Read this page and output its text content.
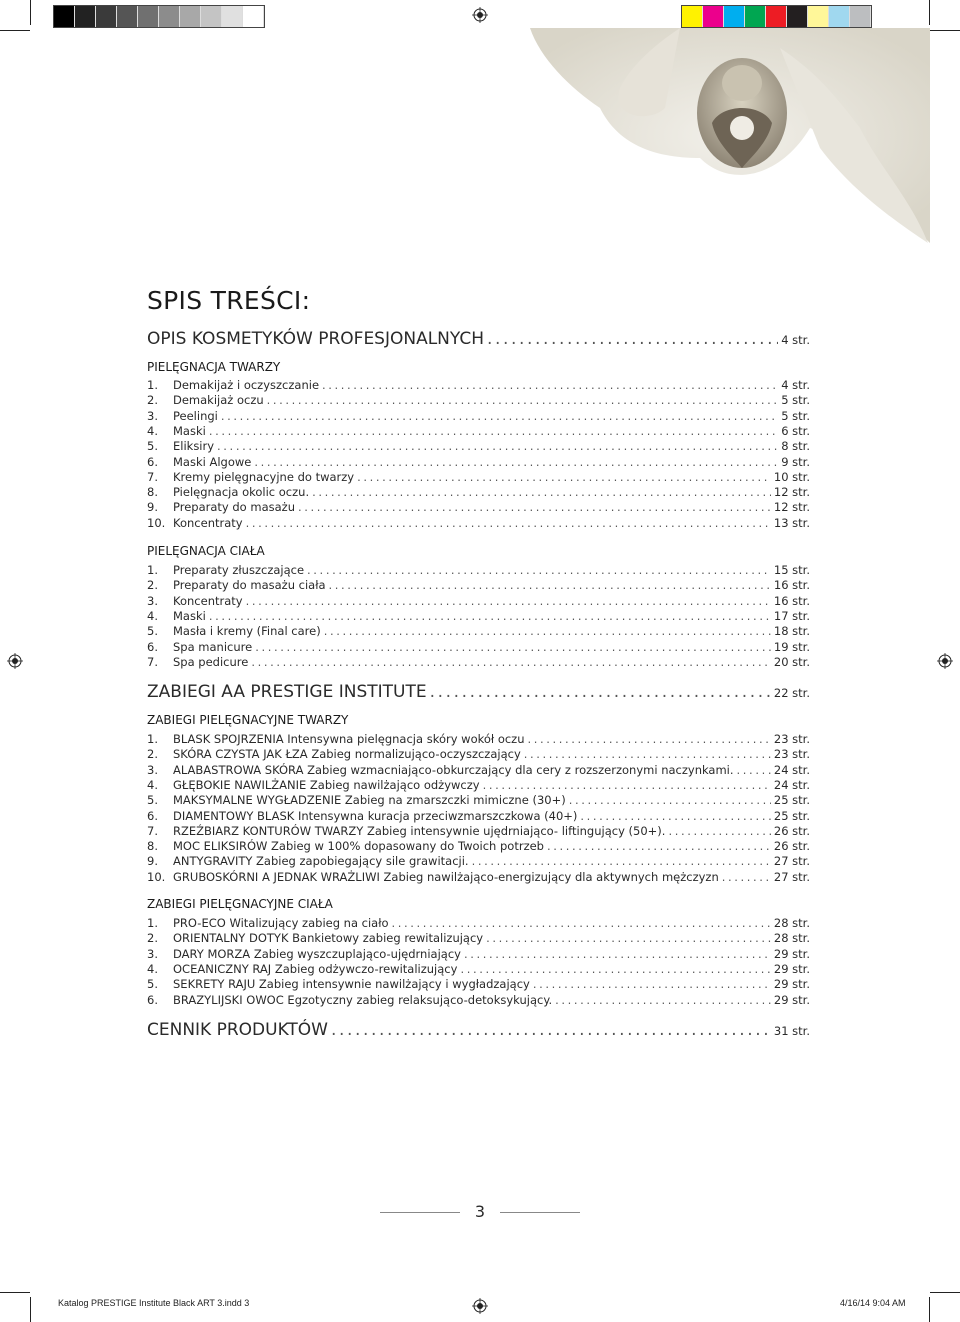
SPIS TREŚCI:
OPIS KOSMETYKÓW PROFESJONALNYCH .....	4 str.
PIELĘGNACJA TWARZY
1.	Demakijaż i oczyszczanie .....	4 str.
2.	Demakijaż oczu .....	5 str.
3.	Peelingi .....	5 str.
4.	Maski .....	6 str.
5.	Eliksiry .....	8 str.
6.	Maski Algowe .....	9 str.
7.	Kremy pielęgnacyjne do twarzy .....	10 str.
8.	Pielęgnacja okolic oczu. .....	12 str.
9.	Preparaty do masażu .....	12 str.
10. Koncentraty .....	13 str.
PIELĘGNACJA CIAŁA
1.	Preparaty złuszczające .....	15 str.
2.	Preparaty do masażu ciała .....	16 str.
3.	Koncentraty .....	16 str.
4.	Maski .....	17 str.
5.	Masła i kremy (Final care) .....	18 str.
6.	Spa manicure .....	19 str.
7.	Spa pedicure .....	20 str.
ZABIEGI AA PRESTIGE INSTITUTE .....	22 str.
ZABIEGI PIELĘGNACYJNE TWARZY
1.	BLASK SPOJRZENIA Intensywna pielęgnacja skóry wokół oczu .....	23 str.
2.	SKÓRA CZYSTA JAK ŁZA Zabieg normalizująco-oczyszczający .....	23 str.
3.	ALABASTROWA SKÓRA Zabieg wzmacniająco-obkurczający dla cery z rozszerzonymi naczynkami. .....	24 str.
4.	GŁĘBOKIE NAWILŻANIE Zabieg nawilżająco odżywczy .....	24 str.
5.	MAKSYMALNE WYGŁADZENIE Zabieg na zmarszczki mimiczne (30+) .....	25 str.
6.	DIAMENTOWY BLASK Intensywna kuracja przeciwzmarszczkowa (40+) .....	25 str.
7.	RZEŹBIARZ KONTURÓW TWARZY Zabieg intensywnie ujędrniająco- liftingujący (50+). .....	26 str.
8.	MOC ELIKSIRÓW Zabieg w 100% dopasowany do Twoich potrzeb .....	26 str.
9.	ANTYGRAVITY Zabieg zapobiegający sile grawitacji. .....	27 str.
10. GRUBOSKÓRNI A JEDNAK WRAŻLIWI Zabieg nawilżająco-energizujący dla aktywnych mężczyzn .....	27 str.
ZABIEGI PIELĘGNACYJNE CIAŁA
1.	PRO-ECO Witalizujący zabieg na ciało .....	28 str.
2.	ORIENTALNY DOTYK Bankietowy zabieg rewitalizujący .....	28 str.
3.	DARY MORZA Zabieg wyszczuplająco-ujędrniający .....	29 str.
4.	OCEANICZNY RAJ Zabieg odżywczo-rewitalizujący .....	29 str.
5.	SEKRETY RAJU Zabieg intensywnie nawilżający i wygładzający .....	29 str.
6.	BRAZYLIJSKI OWOC Egzotyczny zabieg relaksująco-detoksykujący. .....	29 str.
CENNIK PRODUKTÓW .....	31 str.
3
Katalog PRESTIGE Institute Black ART 3.indd 3	4/16/14 9:04 AM
